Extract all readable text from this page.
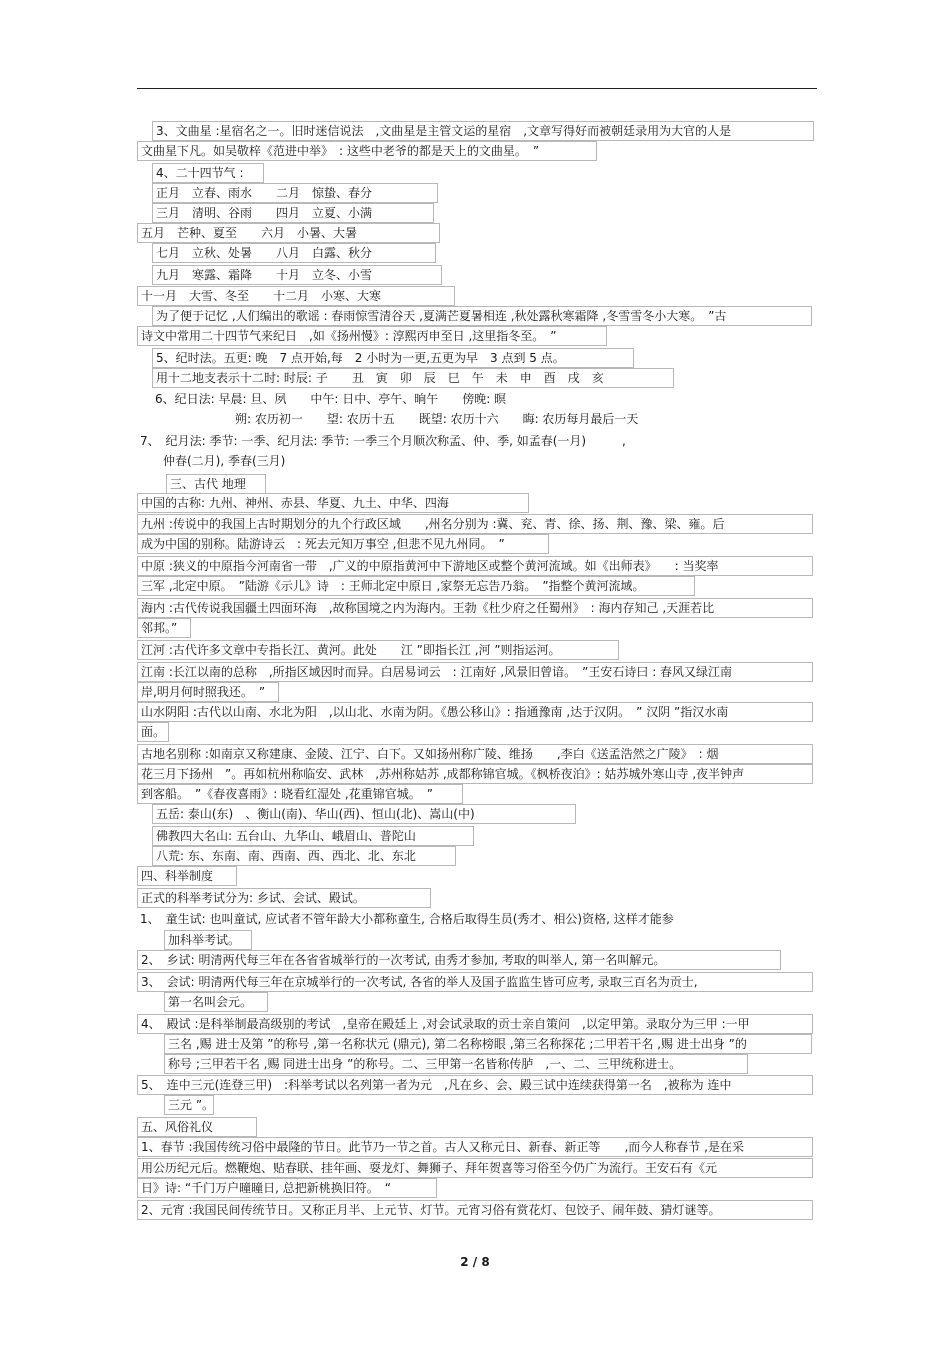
3、文曲星 :星宿名之一。旧时迷信说法　,文曲星是主管文运的星宿　,文章写得好而被朝廷录用为大官的人是
文曲星下凡。如吴敬梓《范进中举》　: 这些中老爷的都是天上的文曲星。　”
4、二十四节气 :
正月　立春、雨水　　二月　惊蛰、春分
三月　清明、谷雨　　四月　立夏、小满
五月　芒种、夏至　　六月　小暑、大暑
七月　立秋、处暑　　八月　白露、秋分
九月　寒露、霜降　　十月　立冬、小雪
十一月　大雪、冬至　　十二月　小寒、大寒
为了便于记忆 ,人们编出的歌谣 : 春雨惊雪清谷天 ,夏满芒夏暑相连 ,秋处露秋寒霜降 ,冬雪雪冬小大寒。　”古
诗文中常用二十四节气来纪日　,如《扬州慢》: 淳熙丙申至日 ,这里指冬至。　”
5、纪时法。五更: 晚　7 点开始,每　2 小时为一更,五更为早　3 点到 5 点。
用十二地支表示十二时: 时辰: 子　　丑　寅　卯　辰　巳　午　未　申　酉　戌　亥
6、纪日法: 早晨: 旦、夙　　中午: 日中、亭午、晌午　　傍晚: 暝
朔: 农历初一　　望: 农历十五　　既望: 农历十六　　晦: 农历每月最后一天
7、　纪月法: 季节: 一季、纪月法: 季节: 一季三个月顺次称孟、仲、季, 如孟春(一月)　　　,
仲春(二月), 季春(三月)
三、古代 地理
中国的古称: 九州、神州、赤县、华夏、九土、中华、四海
九州 :传说中的我国上古时期划分的九个行政区域　　,州名分别为 :冀、兖、青、徐、扬、荆、豫、梁、雍。后
成为中国的别称。陆游诗云　: 死去元知万事空 ,但悲不见九州同。　”
中原 :狭义的中原指今河南省一带　,广义的中原指黄河中下游地区或整个黄河流域。如《出师表》　　: 当奖率
三军 ,北定中原。　”陆游《示儿》诗　: 王师北定中原日 ,家祭无忘告乃翁。　”指整个黄河流域。
海内 :古代传说我国疆土四面环海　,故称国境之内为海内。王勃《杜少府之任蜀州》　: 海内存知己 ,天涯若比
邻邦。”
江河 :古代许多文章中专指长江、黄河。此处　　江 ”即指长江 ,河 ”则指运河。
江南 :长江以南的总称　,所指区域因时而异。白居易词云　: 江南好 ,风景旧曾谙。　”王安石诗曰 : 春风又绿江南
岸,明月何时照我还。　”
山水阴阳 :古代以山南、水北为阳　,以山北、水南为阴。《愚公移山》: 指通豫南 ,达于汉阴。　” 汉阴 ”指汉水南
面。
古地名别称 :如南京又称建康、金陵、江宁、白下。又如扬州称广陵、维扬　　,李白《送孟浩然之广陵》　: 烟
花三月下扬州　”。再如杭州称临安、武林　,苏州称姑苏 ,成都称锦官城。《枫桥夜泊》: 姑苏城外寒山寺 ,夜半钟声
到客船。　”《春夜喜雨》: 晓看红湿处 ,花重锦官城。　”
五岳: 泰山(东)　、衡山(南)、华山(西)、恒山(北)、嵩山(中)
佛教四大名山: 五台山、九华山、峨眉山、普陀山
八荒: 东、东南、南、西南、西、西北、北、东北
四、科举制度
正式的科举考试分为: 乡试、会试、殿试。
1、　童生试: 也叫童试, 应试者不管年龄大小都称童生, 合格后取得生员(秀才、相公)资格, 这样才能参
加科举考试。
2、　乡试: 明清两代每三年在各省省城举行的一次考试, 由秀才参加, 考取的叫举人, 第一名叫解元。
3、　会试: 明清两代每三年在京城举行的一次考试, 各省的举人及国子监监生皆可应考, 录取三百名为贡士,
第一名叫会元。
4、　殿试 :是科举制最高级别的考试　,皇帝在殿廷上 ,对会试录取的贡士亲自策问　,以定甲第。录取分为三甲 :一甲
三名 ,赐 进士及第 ”的称号 ,第一名称状元 (鼎元), 第二名称榜眼 ,第三名称探花 ;二甲若干名 ,赐 进士出身 ”的
称号 ;三甲若干名 ,赐 同进士出身 ”的称号。二、三甲第一名皆称传胪　,一、二、三甲统称进士。
5、　连中三元(连登三甲)　:科举考试以名列第一者为元　,凡在乡、会、殿三试中连续获得第一名　,被称为 连中
三元 ”。
五、风俗礼仪
1、春节 :我国传统习俗中最隆的节日。此节乃一节之首。古人又称元日、新春、新正等　　,而今人称春节 ,是在采
用公历纪元后。燃鞭炮、贴春联、挂年画、耍龙灯、舞狮子、拜年贺喜等习俗至今仍广为流行。王安石有《元
日》诗: “千门万户曈曈日, 总把新桃换旧符。　“
2、元宵 :我国民间传统节日。又称正月半、上元节、灯节。元宵习俗有赏花灯、包饺子、闹年鼓、猜灯谜等。
2 / 8
